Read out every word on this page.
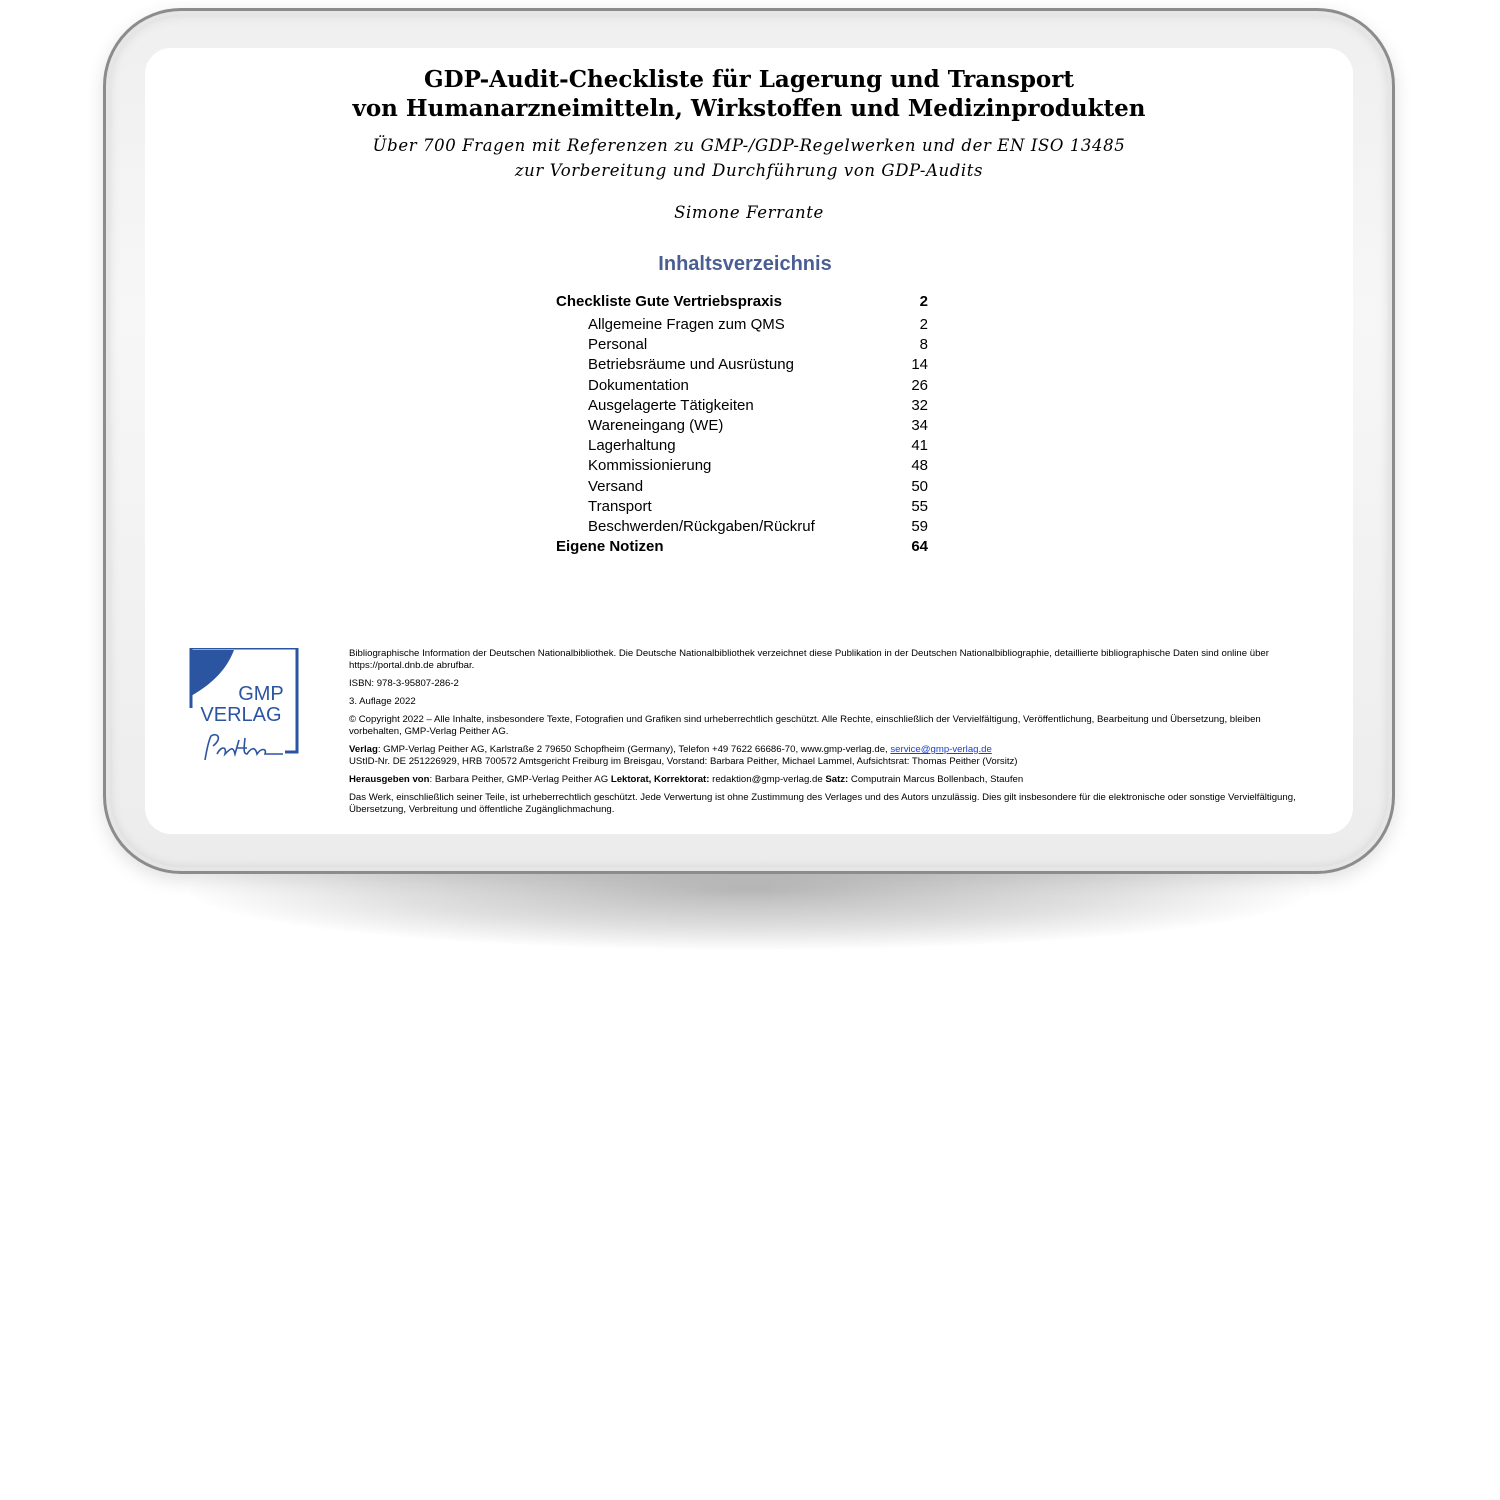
GDP-Audit-Checkliste für Lagerung und Transport
von Humanarzneimitteln, Wirkstoffen und Medizinprodukten
Über 700 Fragen mit Referenzen zu GMP-/GDP-Regelwerken und der EN ISO 13485
zur Vorbereitung und Durchführung von GDP-Audits
Simone Ferrante
Inhaltsverzeichnis
Checkliste Gute Vertriebspraxis	2
Allgemeine Fragen zum QMS	2
Personal	8
Betriebsräume und Ausrüstung	14
Dokumentation	26
Ausgelagerte Tätigkeiten	32
Wareneingang (WE)	34
Lagerhaltung	41
Kommissionierung	48
Versand	50
Transport	55
Beschwerden/Rückgaben/Rückruf	59
Eigene Notizen	64
GMP
VERLAG

Bibliographische Information der Deutschen Nationalbibliothek. Die Deutsche Nationalbibliothek verzeichnet diese Publikation in der Deutschen Nationalbibliographie, detaillierte bibliographische Daten sind online über https://portal.dnb.de abrufbar.

ISBN: 978-3-95807-286-2

3. Auflage 2022

© Copyright 2022 – Alle Inhalte, insbesondere Texte, Fotografien und Grafiken sind urheberrechtlich geschützt. Alle Rechte, einschließlich der Vervielfältigung, Veröffentlichung, Bearbeitung und Übersetzung, bleiben vorbehalten, GMP-Verlag Peither AG.

Verlag: GMP-Verlag Peither AG, Karlstraße 2 79650 Schopfheim (Germany), Telefon +49 7622 66686-70, www.gmp-verlag.de, service@gmp-verlag.de
UStID-Nr. DE 251226929, HRB 700572 Amtsgericht Freiburg im Breisgau, Vorstand: Barbara Peither, Michael Lammel, Aufsichtsrat: Thomas Peither (Vorsitz)

Herausgeben von: Barbara Peither, GMP-Verlag Peither AG Lektorat, Korrektorat: redaktion@gmp-verlag.de Satz: Computrain Marcus Bollenbach, Staufen

Das Werk, einschließlich seiner Teile, ist urheberrechtlich geschützt. Jede Verwertung ist ohne Zustimmung des Verlages und des Autors unzulässig. Dies gilt insbesondere für die elektronische oder sonstige Vervielfältigung, Übersetzung, Verbreitung und öffentliche Zugänglichmachung.
